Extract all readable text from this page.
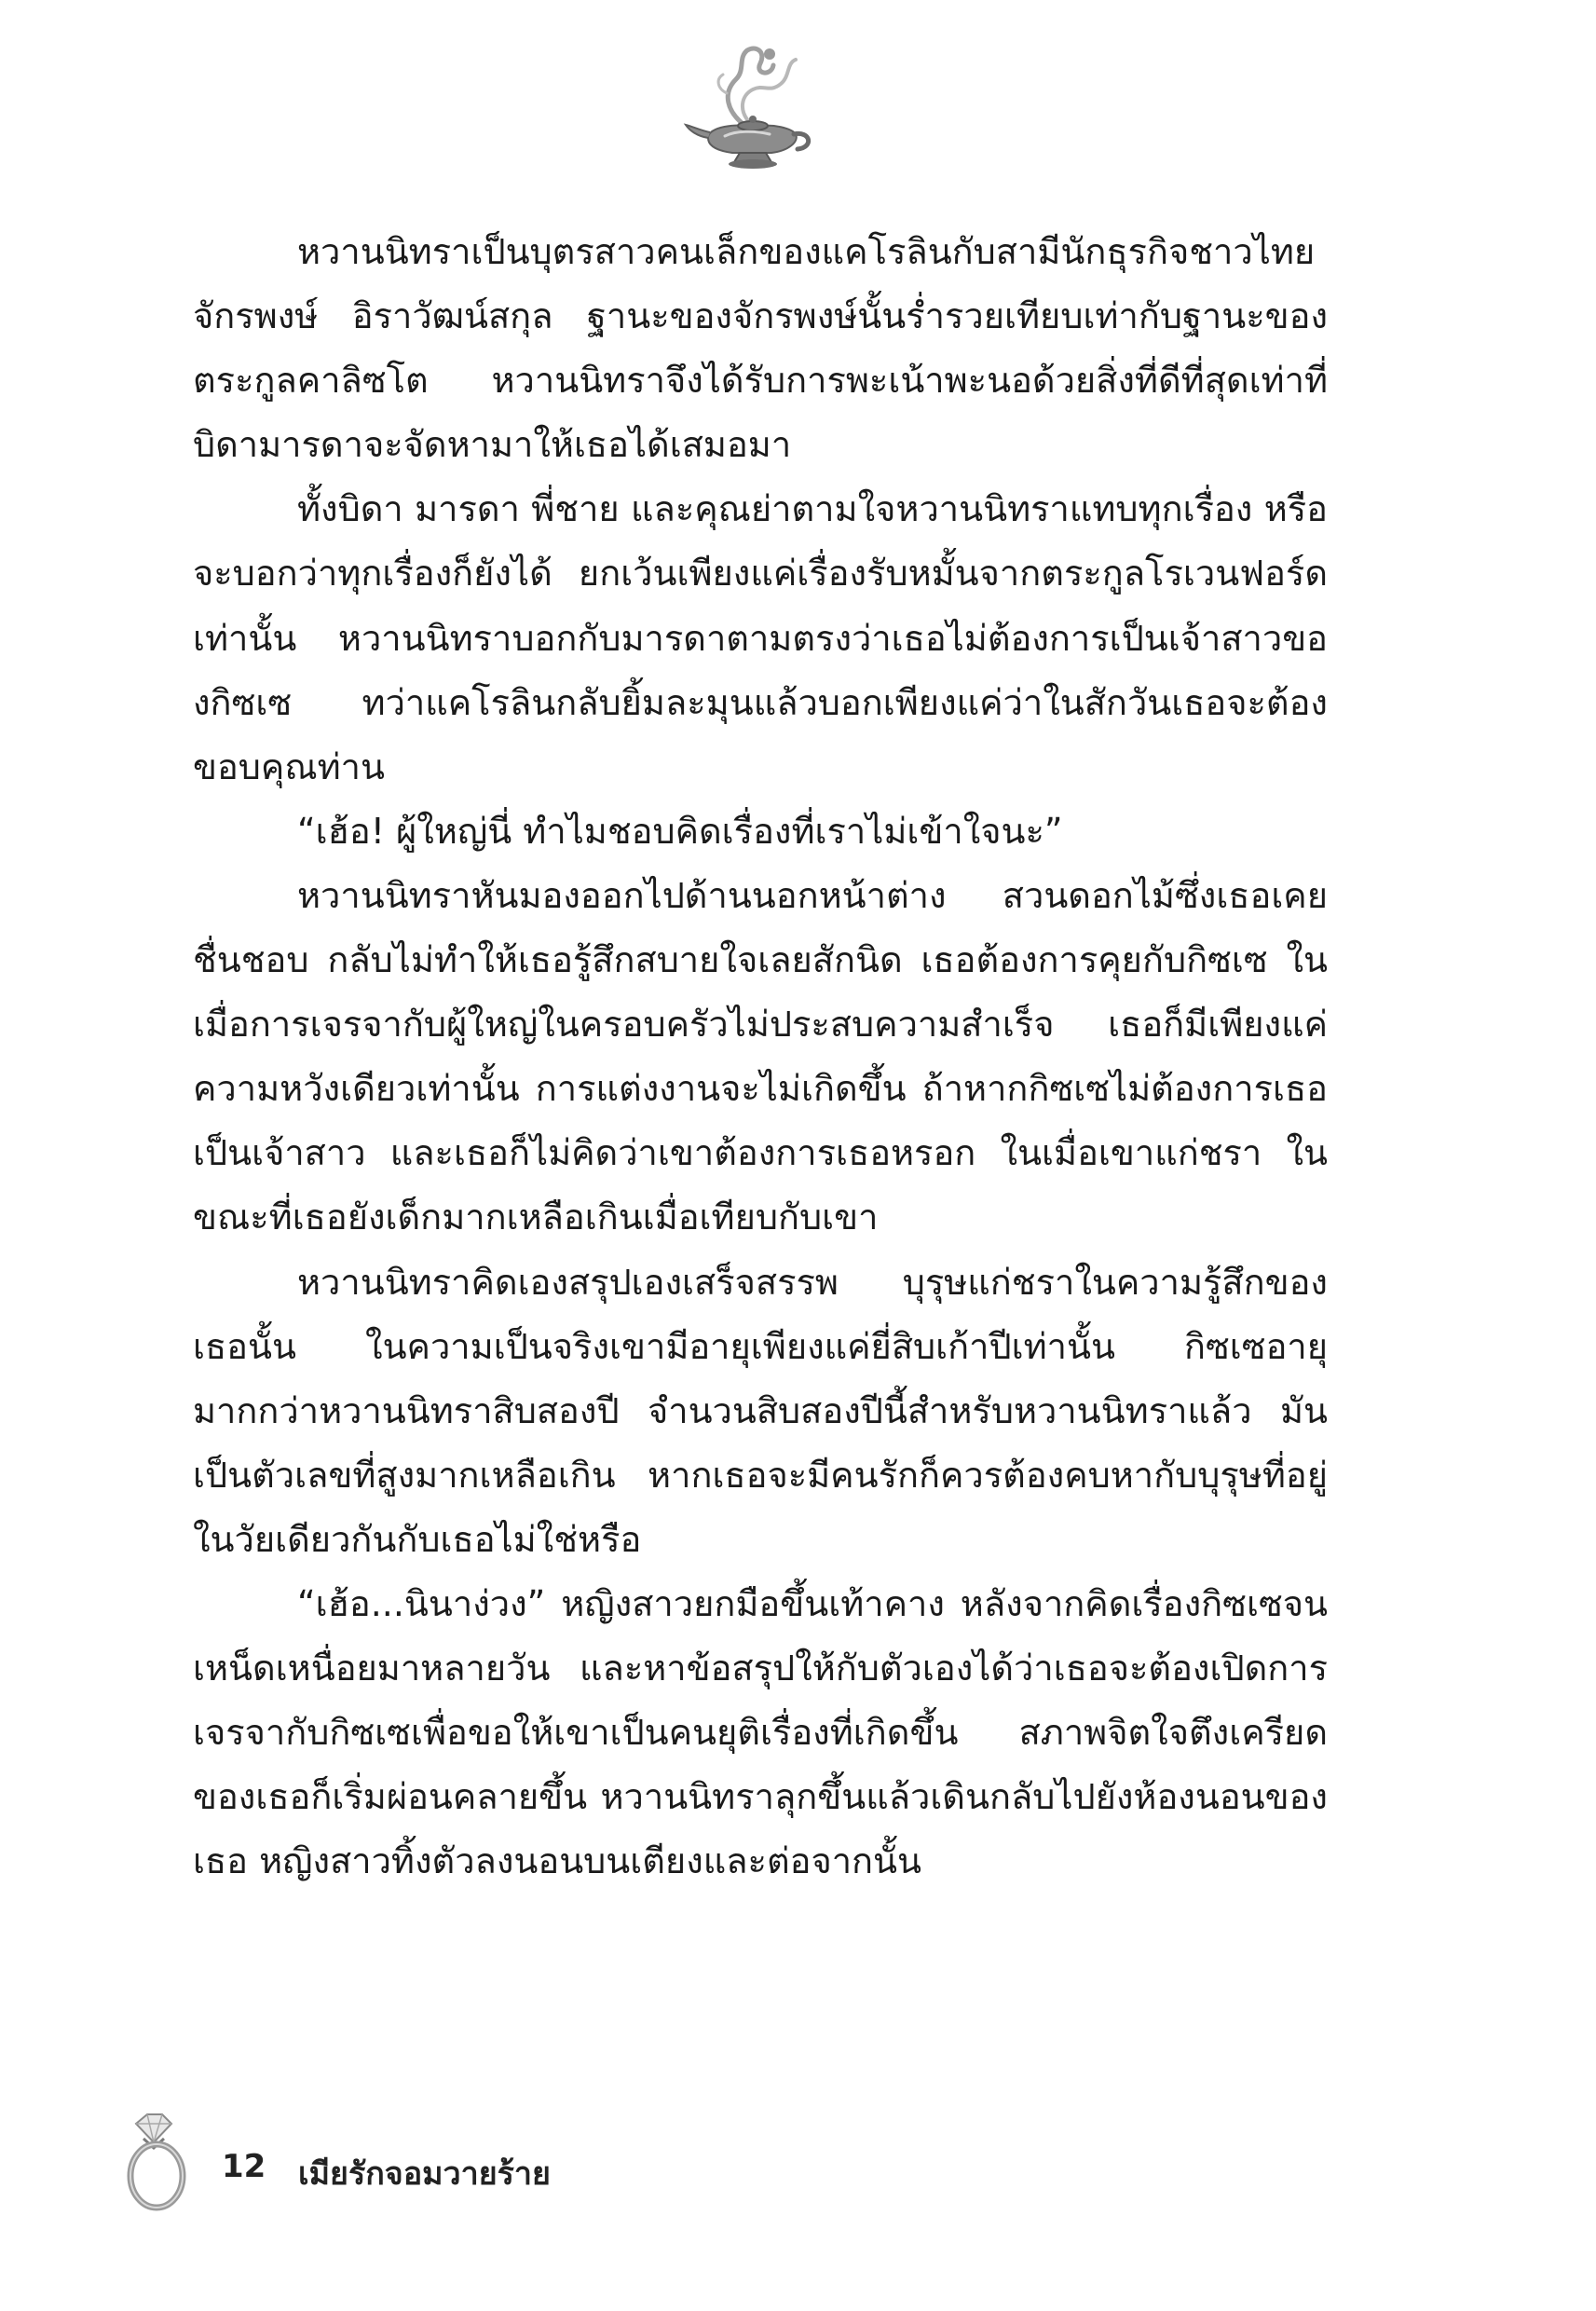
หวานนิทราเป็นบุตรสาวคนเล็กของแคโรลินกับสามีนักธุรกิจชาวไทย จักรพงษ์ อิราวัฒน์สกุล ฐานะของจักรพงษ์นั้นร่ำรวยเทียบเท่ากับฐานะของตระกูลคาลิซโต หวานนิทราจึงได้รับการพะเน้าพะนอด้วยสิ่งที่ดีที่สุดเท่าที่บิดามารดาจะจัดหามาให้เธอได้เสมอมา

ทั้งบิดา มารดา พี่ชาย และคุณย่าตามใจหวานนิทราแทบทุกเรื่อง หรือจะบอกว่าทุกเรื่องก็ยังได้ ยกเว้นเพียงแค่เรื่องรับหมั้นจากตระกูลโรเวนฟอร์ดเท่านั้น หวานนิทราบอกกับมารดาตามตรงว่าเธอไม่ต้องการเป็นเจ้าสาวของกิซเซ ทว่าแคโรลินกลับยิ้มละมุนแล้วบอกเพียงแค่ว่าในสักวันเธอจะต้องขอบคุณท่าน

“เฮ้อ! ผู้ใหญ่นี่ ทำไมชอบคิดเรื่องที่เราไม่เข้าใจนะ”

หวานนิทราหันมองออกไปด้านนอกหน้าต่าง สวนดอกไม้ซึ่งเธอเคยชื่นชอบ กลับไม่ทำให้เธอรู้สึกสบายใจเลยสักนิด เธอต้องการคุยกับกิซเซ ในเมื่อการเจรจากับผู้ใหญ่ในครอบครัวไม่ประสบความสำเร็จ เธอก็มีเพียงแค่ความหวังเดียวเท่านั้น การแต่งงานจะไม่เกิดขึ้น ถ้าหากกิซเซไม่ต้องการเธอเป็นเจ้าสาว และเธอก็ไม่คิดว่าเขาต้องการเธอหรอก ในเมื่อเขาแก่ชรา ในขณะที่เธอยังเด็กมากเหลือเกินเมื่อเทียบกับเขา

หวานนิทราคิดเองสรุปเองเสร็จสรรพ บุรุษแก่ชราในความรู้สึกของเธอนั้น ในความเป็นจริงเขามีอายุเพียงแค่ยี่สิบเก้าปีเท่านั้น กิซเซอายุมากกว่าหวานนิทราสิบสองปี จำนวนสิบสองปีนี้สำหรับหวานนิทราแล้ว มันเป็นตัวเลขที่สูงมากเหลือเกิน หากเธอจะมีคนรักก็ควรต้องคบหากับบุรุษที่อยู่ในวัยเดียวกันกับเธอไม่ใช่หรือ

“เฮ้อ...นินาง่วง” หญิงสาวยกมือขึ้นเท้าคาง หลังจากคิดเรื่องกิซเซจนเหน็ดเหนื่อยมาหลายวัน และหาข้อสรุปให้กับตัวเองได้ว่าเธอจะต้องเปิดการเจรจากับกิซเซเพื่อขอให้เขาเป็นคนยุติเรื่องที่เกิดขึ้น สภาพจิตใจตึงเครียดของเธอก็เริ่มผ่อนคลายขึ้น หวานนิทราลุกขึ้นแล้วเดินกลับไปยังห้องนอนของเธอ หญิงสาวทิ้งตัวลงนอนบนเตียงและต่อจากนั้น

12 เมียรักจอมวายร้าย
